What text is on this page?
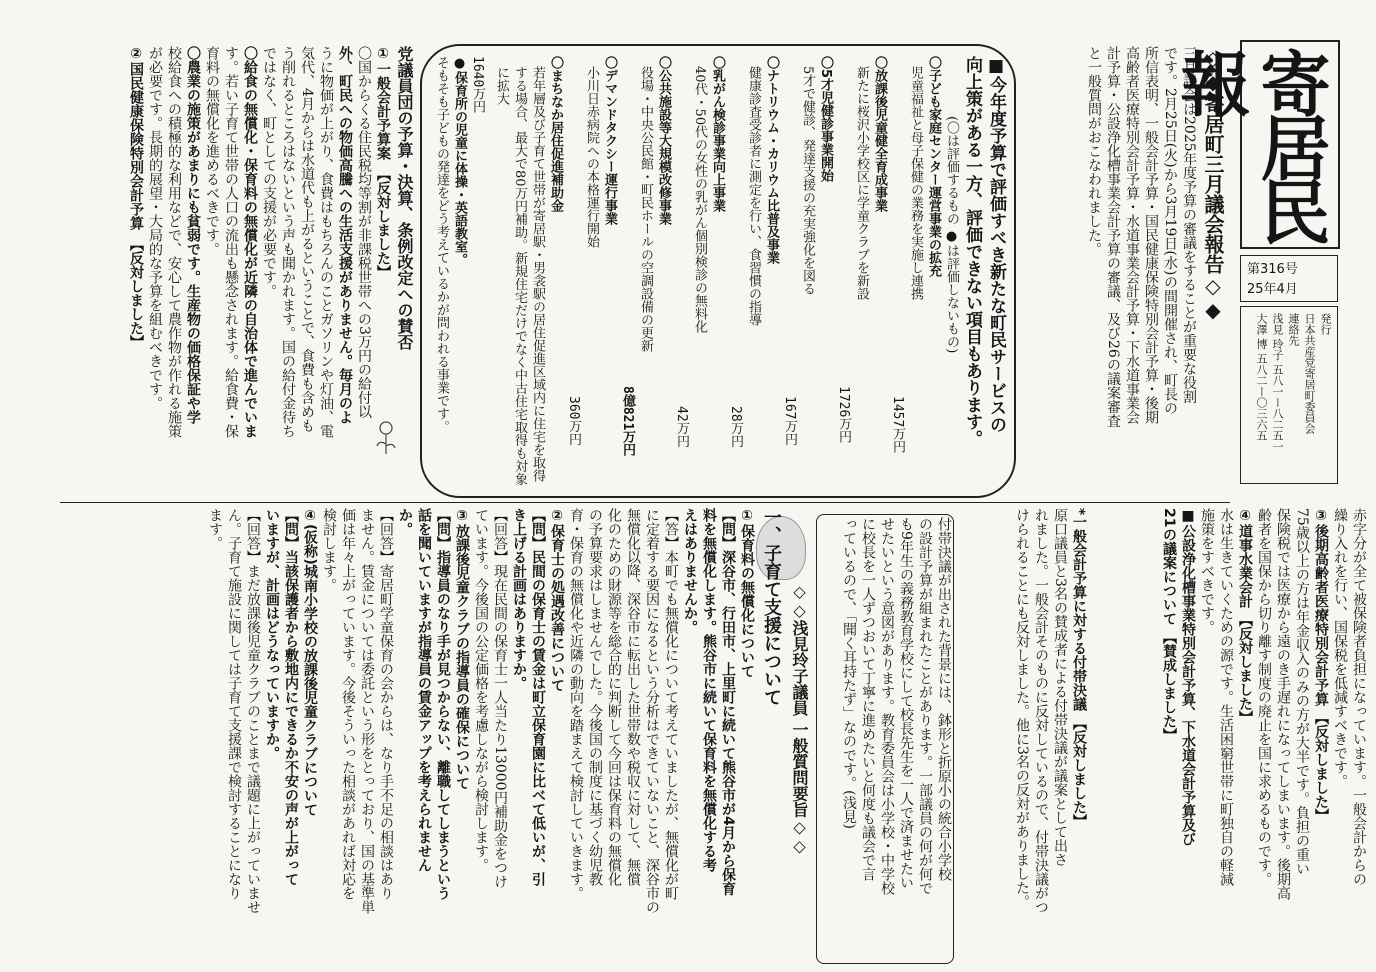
寄居民報
第316号
25年4月
発行
日本共産党寄居町委員会
連絡先
浅見 玲子 五八一ー八二五一
大澤 博 五八二ー〇三六五
◇◆寄居町三月議会報告◇◆
三月議会は2025年度予算の審議をすることが重要な役割
です。2月25日(火)から3月19日(水)の間開催され、町長の
所信表明、一般会計予算・国民健康保険特別会計予算・後期
高齢者医療特別会計予算・水道事業会計予算・下水道事業会
計予算・公設浄化槽事業会計予算の審議、及び26の議案審査
と一般質問がおこなわれました。
■今年度予算で評価すべき新たな町民サービスの
向上策がある一方、評価できない項目もあります。
(〇は評価するもの ●は評価しないもの)
〇子ども家庭センター運営事業の拡充
児童福祉と母子保健の業務を実施し連携
1457万円
〇放課後児童健全育成事業
新たに桜沢小学校区に学童クラブを新設
1726万円
〇5才児健診事業開始
5才で健診、発達支援の充実強化を図る
167万円
〇ナトリウム・カリウム比普及事業
健康診査受診者に測定を行い、食習慣の指導
28万円
〇乳がん検診事業向上事業
40代・50代の女性の乳がん個別検診の無料化
42万円
〇公共施設等大規模改修事業
役場・中央公民館・町民ホールの空調設備の更新
8億821万円
〇デマンドタクシー運行事業
小川日赤病院への本格運行開始
360万円
〇まちなか居住促進補助金
若年層及び子育て世帯が寄居駅・男衾駅の居住促進区域内に住宅を取得する場合、最大で80万円補助。新規住宅だけでなく中古住宅取得も対象に拡大
1640万円
●保育所の児童に体操・英語教室。
そもそも子どもの発達をどう考えているかが問われる事業です。
党議員団の予算・決算、条例改定への賛否
①一般会計予算案　【反対しました】
〇国からくる住民税均等割が非課税世帯への3万円の給付以
外、町民への物価高騰への生活支援がありません。毎月のよ
うに物価が上がり、食費はもちろんのことガソリンや灯油、電
気代、4月からは水道代も上がるということで、食費も含めも
う削れるところはないという声も聞かれます。国の給付金待ち
ではなく、町としての支援が必要です。
〇給食の無償化・保育料の無償化が近隣の自治体で進んでいま
す。若い子育て世帯の人口の流出も懸念されます。給食費・保
育料の無償化を進めるべきです。
〇農業の施策があまりにも貧弱です。生産物の価格保証や学
校給食への積極的な利用などで、安心して農作物が作れる施策
が必要です。長期的展望・大局的な予算を組むべきです。
②国民健康保険特別会計予算　【反対しました】
赤字分が全て被保険者負担になっています。一般会計からの
繰り入れを行い、国保税を低減すべきです。
③後期高齢者医療特別会計予算 【反対しました】
75歳以上の方は年金収入のみの方が大半です。負担の重い
保険税では医療から遠のき手遅れになってしまいます。後期高
齢者を国保から切り離す制度の廃止を国に求めるものです。
④道事水業会計 【反対しました】
水は生きていくための源です。生活困窮世帯に町独自の軽減
施策をすべきです。
■公設浄化槽事業特別会計予算、下水道会計予算及び
21の議案について 【賛成しました】
*一般会計予算に対する付帯決議 【反対しました】
原口議員と3名の賛成者による付帯決議が議案として出さ
れました。一般会計そのものに反対しているので、付帯決議がつ
けられることにも反対しました。他に3名の反対がありました。
付帯決議が出された背景には、鉢形と折原小の統合小学校
の設計予算が組まれたことがあります。一部議員の何が何で
も9年生の義務教育学校にして校長先生を一人で済ませたい
せたいという意図があります。教育委員会は小学校・中学校
に校長を一人ずつおいて丁寧に進めたいと何度も議会で言
っているので、「聞く耳持たず」なのです。(浅見)
◇◇浅見玲子議員 一般質問要旨◇◇
一、子育て支援について
①保育料の無償化について
【問】深谷市、行田市、上里町に続いて熊谷市が4月から保育
料を無償化します。熊谷市に続いて保育料を無償化する考
えはありませんか。
【答】本町でも無償化について考えていましたが、無償化が町
に定着する要因になるという分析はできていないこと、深谷市の
無償化以降、深谷市に転出した世帯数や税収に対して、無償
化のための財源等を総合的に判断して今回は保育料の無償化
の予算要求はしませんでした。今後国の制度に基づく幼児教
育・保育の無償化や近隣の動向を踏まえて検討していきます。
②保育士の処遇改善について
【問】民間の保育士の賃金は町立保育園に比べて低いが、引
き上げる計画はありますか。
【回答】現在民間の保育士一人当たり13000円補助金をつけ
ています。今後国の公定価格を考慮しながら検討します。
③放課後児童クラブの指導員の確保について
【問】指導員のなり手が見つからない、離職してしまうという
話を聞いていますが指導員の賃金アップを考えられません
か。
【回答】寄居町学童保育の会からは、なり手不足の相談はあり
ません。賃金については委託という形をとっており、国の基準単
価は年々上がっています。今後そういった相談があれば対応を
検討します。
④(仮称)城南小学校の放課後児童クラブについて
【問】当該保護者から敷地内にできるか不安の声が上がって
いますが、計画はどうなっていますか。
【回答】まだ放課後児童クラブのことまで議題に上がっていませ
ん。子育て施設に関しては子育て支援課で検討することになり
ます。
